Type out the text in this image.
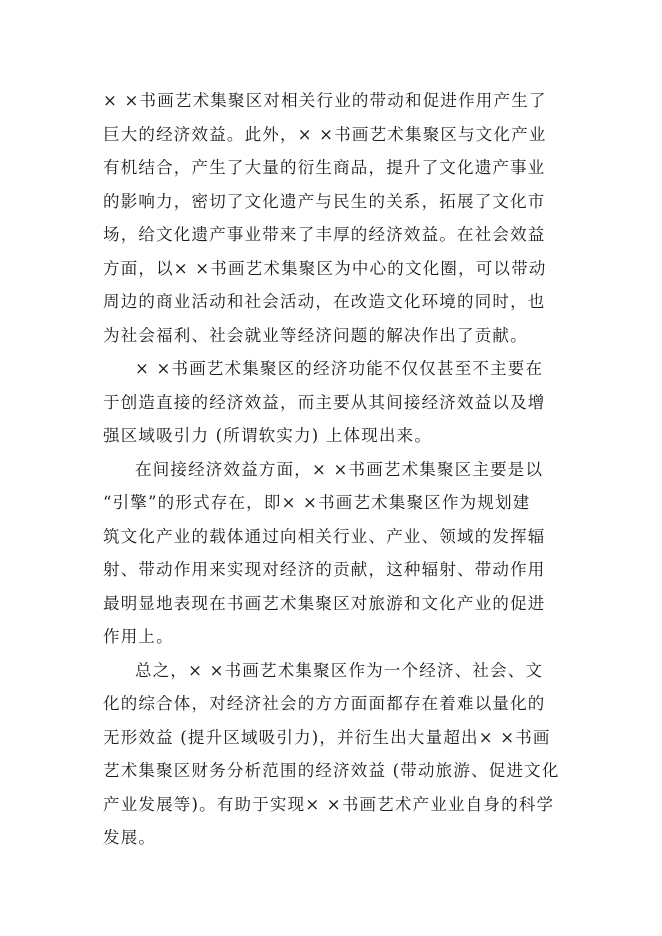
× ×书画艺术集聚区对相关行业的带动和促进作用产生了
巨大的经济效益。此外，× ×书画艺术集聚区与文化产业
有机结合，产生了大量的衍生商品，提升了文化遗产事业
的影响力，密切了文化遗产与民生的关系，拓展了文化市
场，给文化遗产事业带来了丰厚的经济效益。在社会效益
方面，以× ×书画艺术集聚区为中心的文化圈，可以带动
周边的商业活动和社会活动，在改造文化环境的同时，也
为社会福利、社会就业等经济问题的解决作出了贡献。
× ×书画艺术集聚区的经济功能不仅仅甚至不主要在
于创造直接的经济效益，而主要从其间接经济效益以及增
强区域吸引力 (所谓软实力) 上体现出来。
在间接经济效益方面，× ×书画艺术集聚区主要是以
“引擎”的形式存在，即× ×书画艺术集聚区作为规划建
筑文化产业的载体通过向相关行业、产业、领域的发挥辐
射、带动作用来实现对经济的贡献，这种辐射、带动作用
最明显地表现在书画艺术集聚区对旅游和文化产业的促进
作用上。
总之，× ×书画艺术集聚区作为一个经济、社会、文
化的综合体，对经济社会的方方面面都存在着难以量化的
无形效益 (提升区域吸引力)，并衍生出大量超出× ×书画
艺术集聚区财务分析范围的经济效益 (带动旅游、促进文化
产业发展等)。有助于实现× ×书画艺术产业业自身的科学
发展。
